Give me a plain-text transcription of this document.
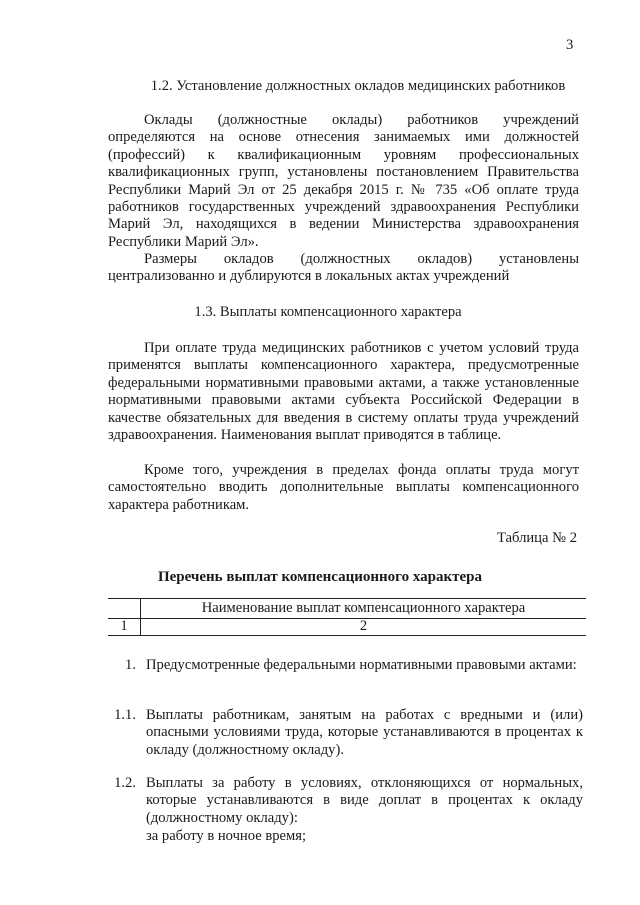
3
1.2. Установление должностных окладов медицинских работников
Оклады (должностные оклады) работников учреждений определяются на основе отнесения занимаемых ими должностей (профессий) к квалификационным уровням профессиональных квалификационных групп, установлены постановлением Правительства Республики Марий Эл от 25 декабря 2015 г. № 735 «Об оплате труда работников государственных учреждений здравоохранения Республики Марий Эл, находящихся в ведении Министерства здравоохранения Республики Марий Эл».
Размеры окладов (должностных окладов) установлены централизованно и дублируются в локальных актах учреждений
1.3. Выплаты компенсационного характера
При оплате труда медицинских работников с учетом условий труда применятся выплаты компенсационного характера, предусмотренные федеральными нормативными правовыми актами, а также установленные нормативными правовыми актами субъекта Российской Федерации в качестве обязательных для введения в систему оплаты труда учреждений здравоохранения. Наименования выплат приводятся в таблице.
Кроме того, учреждения в пределах фонда оплаты труда могут самостоятельно вводить дополнительные выплаты компенсационного характера работникам.
Таблица № 2
Перечень выплат компенсационного характера
Наименование выплат компенсационного характера
1	2
1. Предусмотренные федеральными нормативными правовыми актами:
1.1. Выплаты работникам, занятым на работах с вредными и (или) опасными условиями труда, которые устанавливаются в процентах к окладу (должностному окладу).
1.2. Выплаты за работу в условиях, отклоняющихся от нормальных, которые устанавливаются в виде доплат в процентах к окладу (должностному окладу):
за работу в ночное время;
